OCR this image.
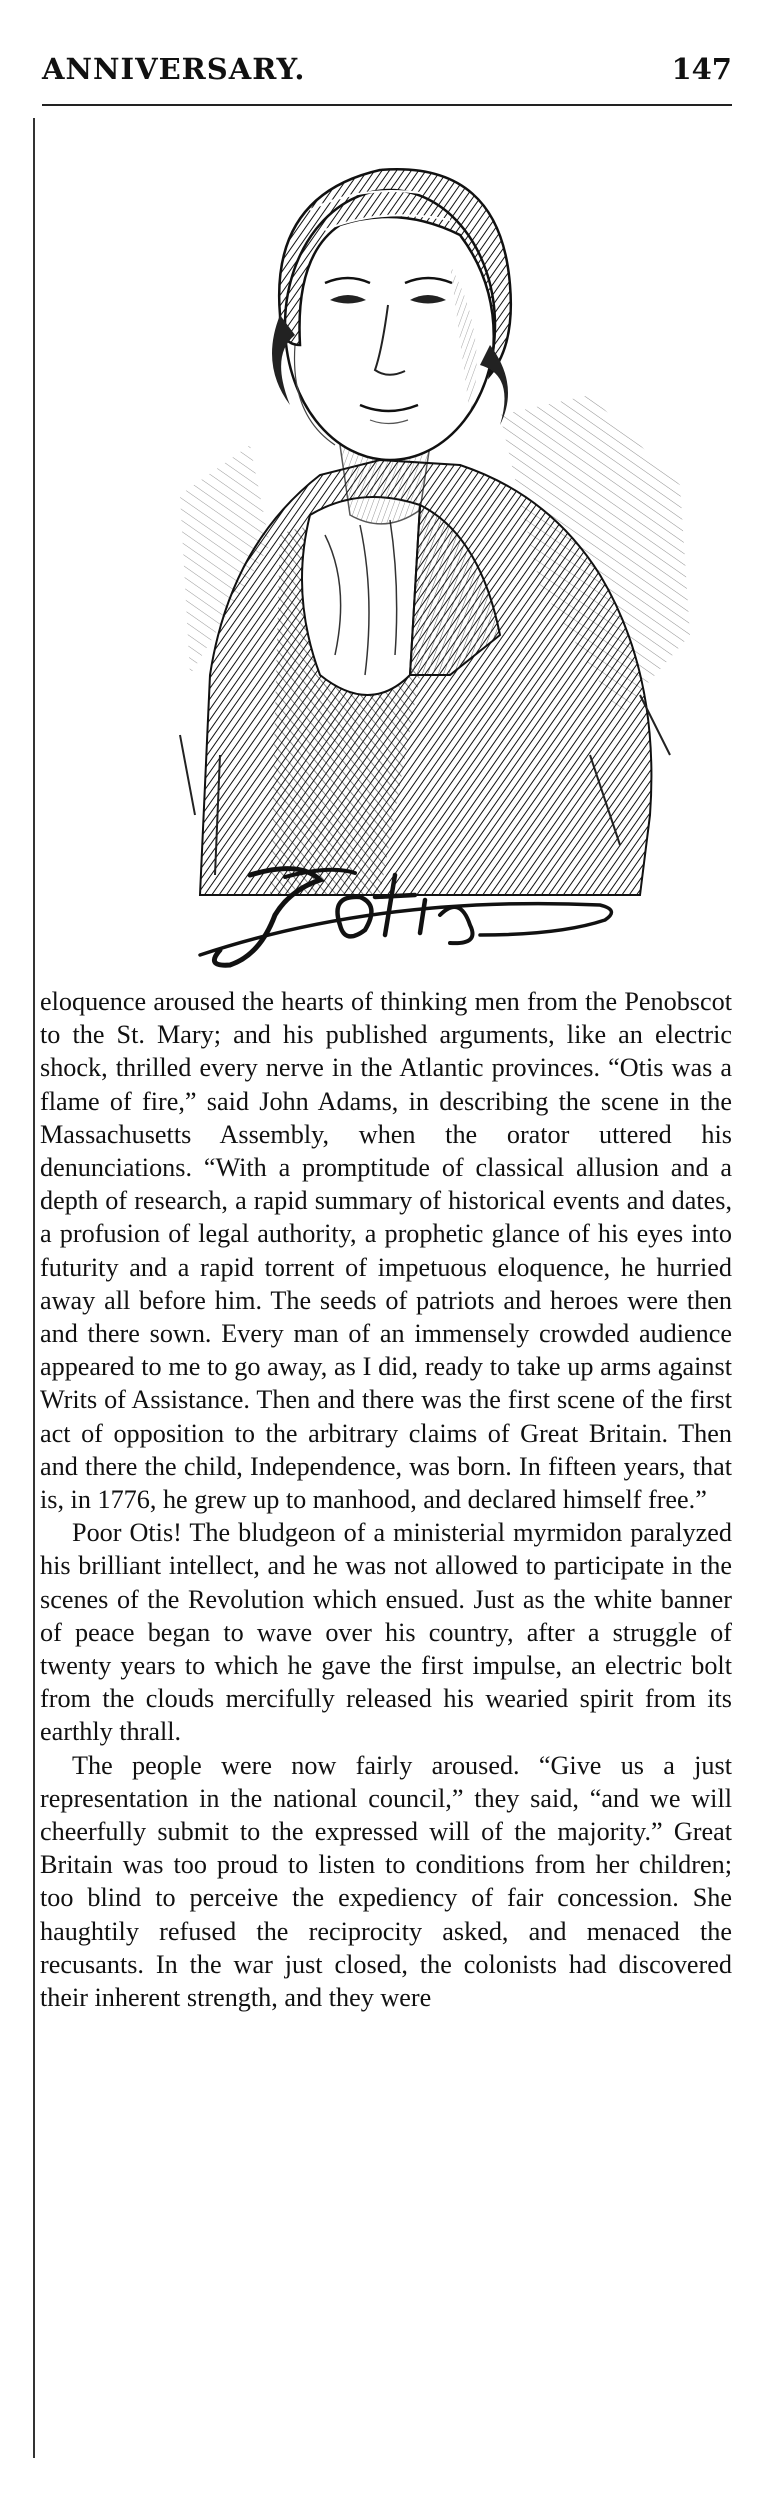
ANNIVERSARY.	147

eloquence aroused the hearts of thinking men from the Penobscot to the St. Mary; and his published arguments, like an electric shock, thrilled every nerve in the Atlantic provinces. “Otis was a flame of fire,” said John Adams, in describing the scene in the Massachusetts Assembly, when the orator uttered his denunciations. “With a promptitude of classical allusion and a depth of research, a rapid summary of historical events and dates, a profusion of legal authority, a prophetic glance of his eyes into futurity and a rapid torrent of impetuous eloquence, he hurried away all before him. The seeds of patriots and heroes were then and there sown. Every man of an immensely crowded audience appeared to me to go away, as I did, ready to take up arms against Writs of Assistance. Then and there was the first scene of the first act of opposition to the arbitrary claims of Great Britain. Then and there the child, Independence, was born. In fifteen years, that is, in 1776, he grew up to manhood, and declared himself free.”

Poor Otis! The bludgeon of a ministerial myrmidon paralyzed his brilliant intellect, and he was not allowed to participate in the scenes of the Revolution which ensued. Just as the white banner of peace began to wave over his country, after a struggle of twenty years to which he gave the first impulse, an electric bolt from the clouds mercifully released his wearied spirit from its earthly thrall.

The people were now fairly aroused. “Give us a just representation in the national council,” they said, “and we will cheerfully submit to the expressed will of the majority.” Great Britain was too proud to listen to conditions from her children; too blind to perceive the expediency of fair concession. She haughtily refused the reciprocity asked, and menaced the recusants. In the war just closed, the colonists had discovered their inherent strength, and they were
